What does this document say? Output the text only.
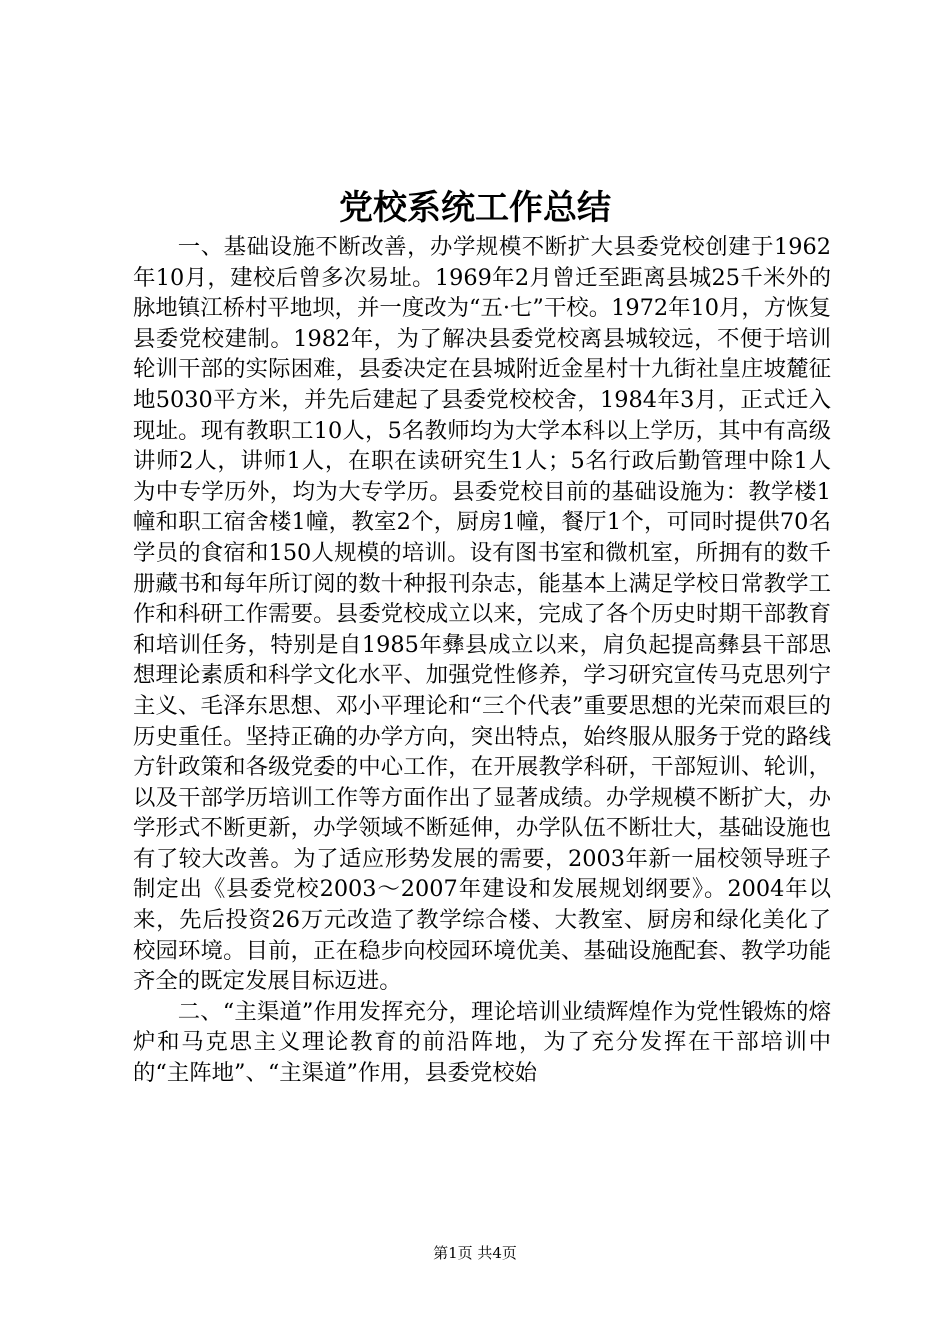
党校系统工作总结

一、基础设施不断改善，办学规模不断扩大县委党校创建于1962年10月，建校后曾多次易址。1969年2月曾迁至距离县城25千米外的脉地镇江桥村平地坝，并一度改为“五·七”干校。1972年10月，方恢复县委党校建制。1982年，为了解决县委党校离县城较远，不便于培训轮训干部的实际困难，县委决定在县城附近金星村十九街社皇庄坡麓征地5030平方米，并先后建起了县委党校校舍，1984年3月，正式迁入现址。现有教职工10人，5名教师均为大学本科以上学历，其中有高级讲师2人，讲师1人，在职在读研究生1人；5名行政后勤管理中除1人为中专学历外，均为大专学历。县委党校目前的基础设施为：教学楼1幢和职工宿舍楼1幢，教室2个，厨房1幢，餐厅1个，可同时提供70名学员的食宿和150人规模的培训。设有图书室和微机室，所拥有的数千册藏书和每年所订阅的数十种报刊杂志，能基本上满足学校日常教学工作和科研工作需要。县委党校成立以来，完成了各个历史时期干部教育和培训任务，特别是自1985年彝县成立以来，肩负起提高彝县干部思想理论素质和科学文化水平、加强党性修养，学习研究宣传马克思列宁主义、毛泽东思想、邓小平理论和“三个代表”重要思想的光荣而艰巨的历史重任。坚持正确的办学方向，突出特点，始终服从服务于党的路线方针政策和各级党委的中心工作，在开展教学科研，干部短训、轮训，以及干部学历培训工作等方面作出了显著成绩。办学规模不断扩大，办学形式不断更新，办学领域不断延伸，办学队伍不断壮大，基础设施也有了较大改善。为了适应形势发展的需要，2003年新一届校领导班子制定出《县委党校2003～2007年建设和发展规划纲要》。2004年以来，先后投资26万元改造了教学综合楼、大教室、厨房和绿化美化了校园环境。目前，正在稳步向校园环境优美、基础设施配套、教学功能齐全的既定发展目标迈进。

二、“主渠道”作用发挥充分，理论培训业绩辉煌作为党性锻炼的熔炉和马克思主义理论教育的前沿阵地，为了充分发挥在干部培训中的“主阵地”、“主渠道”作用，县委党校始

第1页 共4页
